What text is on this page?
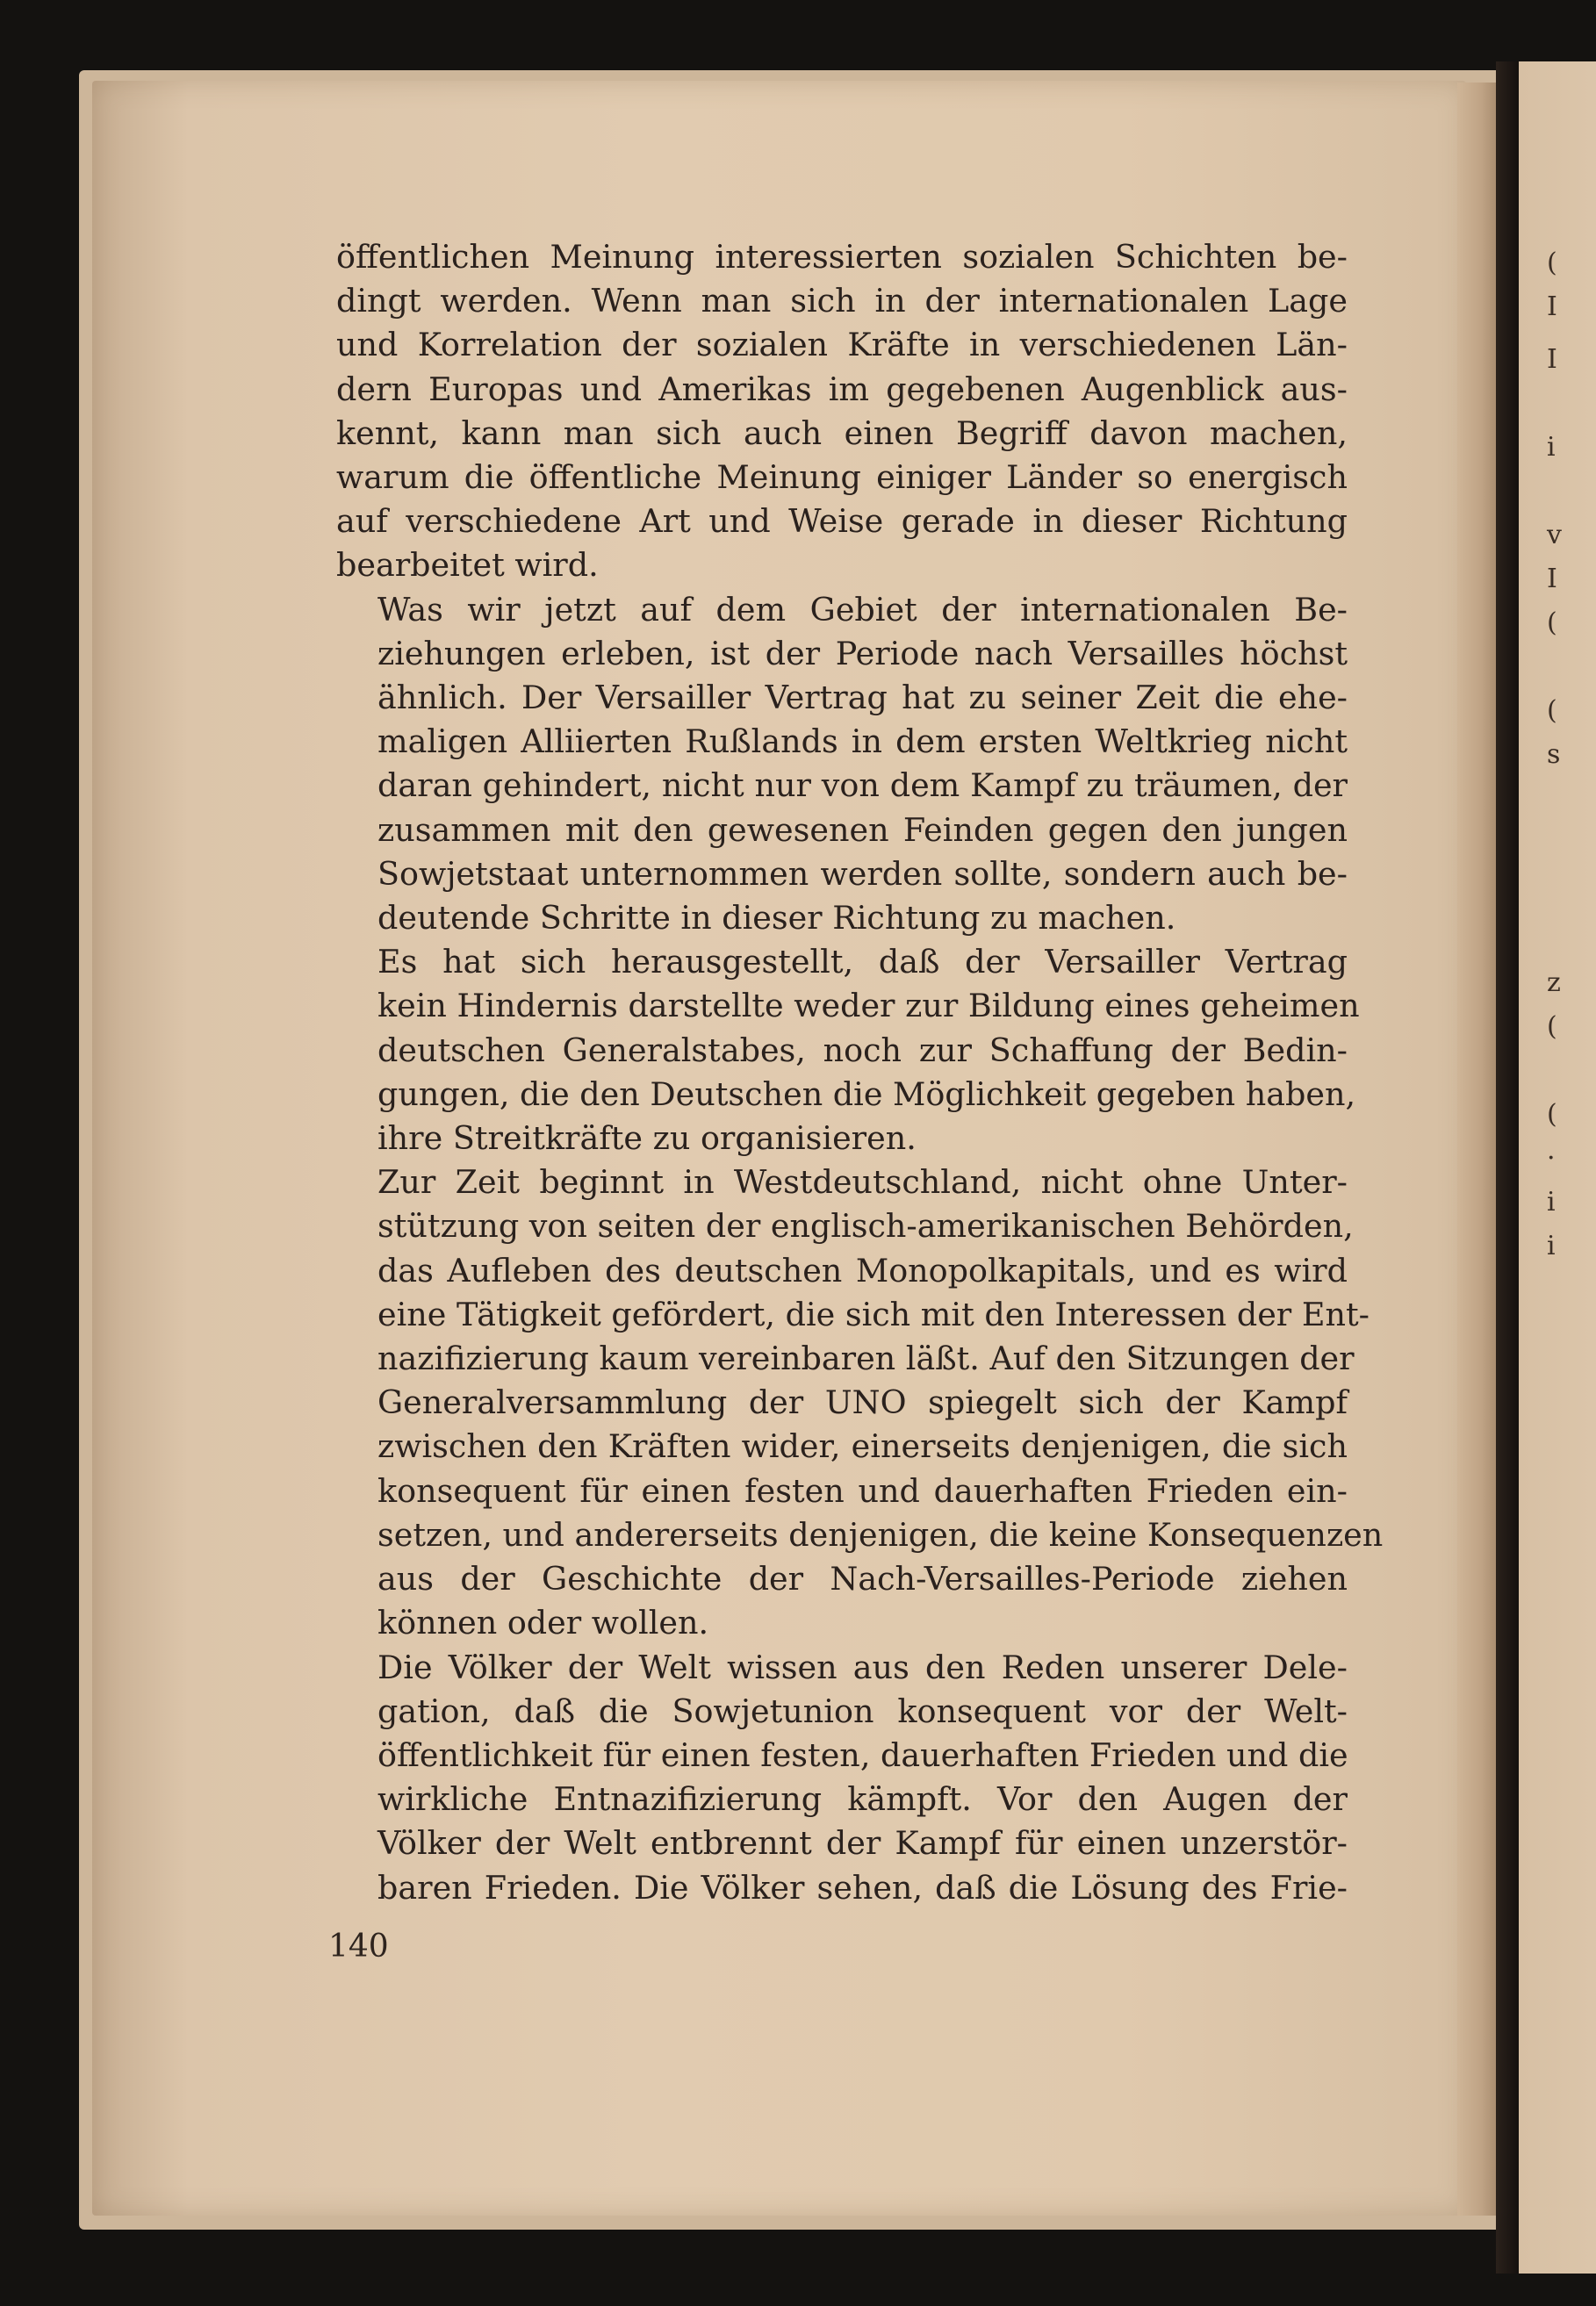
(
I
I
i
v
I
(
(
s
z
(
(
·
i
i
öffentlichen Meinung interessierten sozialen Schichten be-
dingt werden. Wenn man sich in der internationalen Lage
und Korrelation der sozialen Kräfte in verschiedenen Län-
dern Europas und Amerikas im gegebenen Augenblick aus-
kennt, kann man sich auch einen Begriff davon machen,
warum die öffentliche Meinung einiger Länder so energisch
auf verschiedene Art und Weise gerade in dieser Richtung
bearbeitet wird.
Was wir jetzt auf dem Gebiet der internationalen Be-
ziehungen erleben, ist der Periode nach Versailles höchst
ähnlich. Der Versailler Vertrag hat zu seiner Zeit die ehe-
maligen Alliierten Rußlands in dem ersten Weltkrieg nicht
daran gehindert, nicht nur von dem Kampf zu träumen, der
zusammen mit den gewesenen Feinden gegen den jungen
Sowjetstaat unternommen werden sollte, sondern auch be-
deutende Schritte in dieser Richtung zu machen.
Es hat sich herausgestellt, daß der Versailler Vertrag
kein Hindernis darstellte weder zur Bildung eines geheimen
deutschen Generalstabes, noch zur Schaffung der Bedin-
gungen, die den Deutschen die Möglichkeit gegeben haben,
ihre Streitkräfte zu organisieren.
Zur Zeit beginnt in Westdeutschland, nicht ohne Unter-
stützung von seiten der englisch-amerikanischen Behörden,
das Aufleben des deutschen Monopolkapitals, und es wird
eine Tätigkeit gefördert, die sich mit den Interessen der Ent-
nazifizierung kaum vereinbaren läßt. Auf den Sitzungen der
Generalversammlung der UNO spiegelt sich der Kampf
zwischen den Kräften wider, einerseits denjenigen, die sich
konsequent für einen festen und dauerhaften Frieden ein-
setzen, und andererseits denjenigen, die keine Konsequenzen
aus der Geschichte der Nach-Versailles-Periode ziehen
können oder wollen.
Die Völker der Welt wissen aus den Reden unserer Dele-
gation, daß die Sowjetunion konsequent vor der Welt-
öffentlichkeit für einen festen, dauerhaften Frieden und die
wirkliche Entnazifizierung kämpft. Vor den Augen der
Völker der Welt entbrennt der Kampf für einen unzerstör-
baren Frieden. Die Völker sehen, daß die Lösung des Frie-
140
